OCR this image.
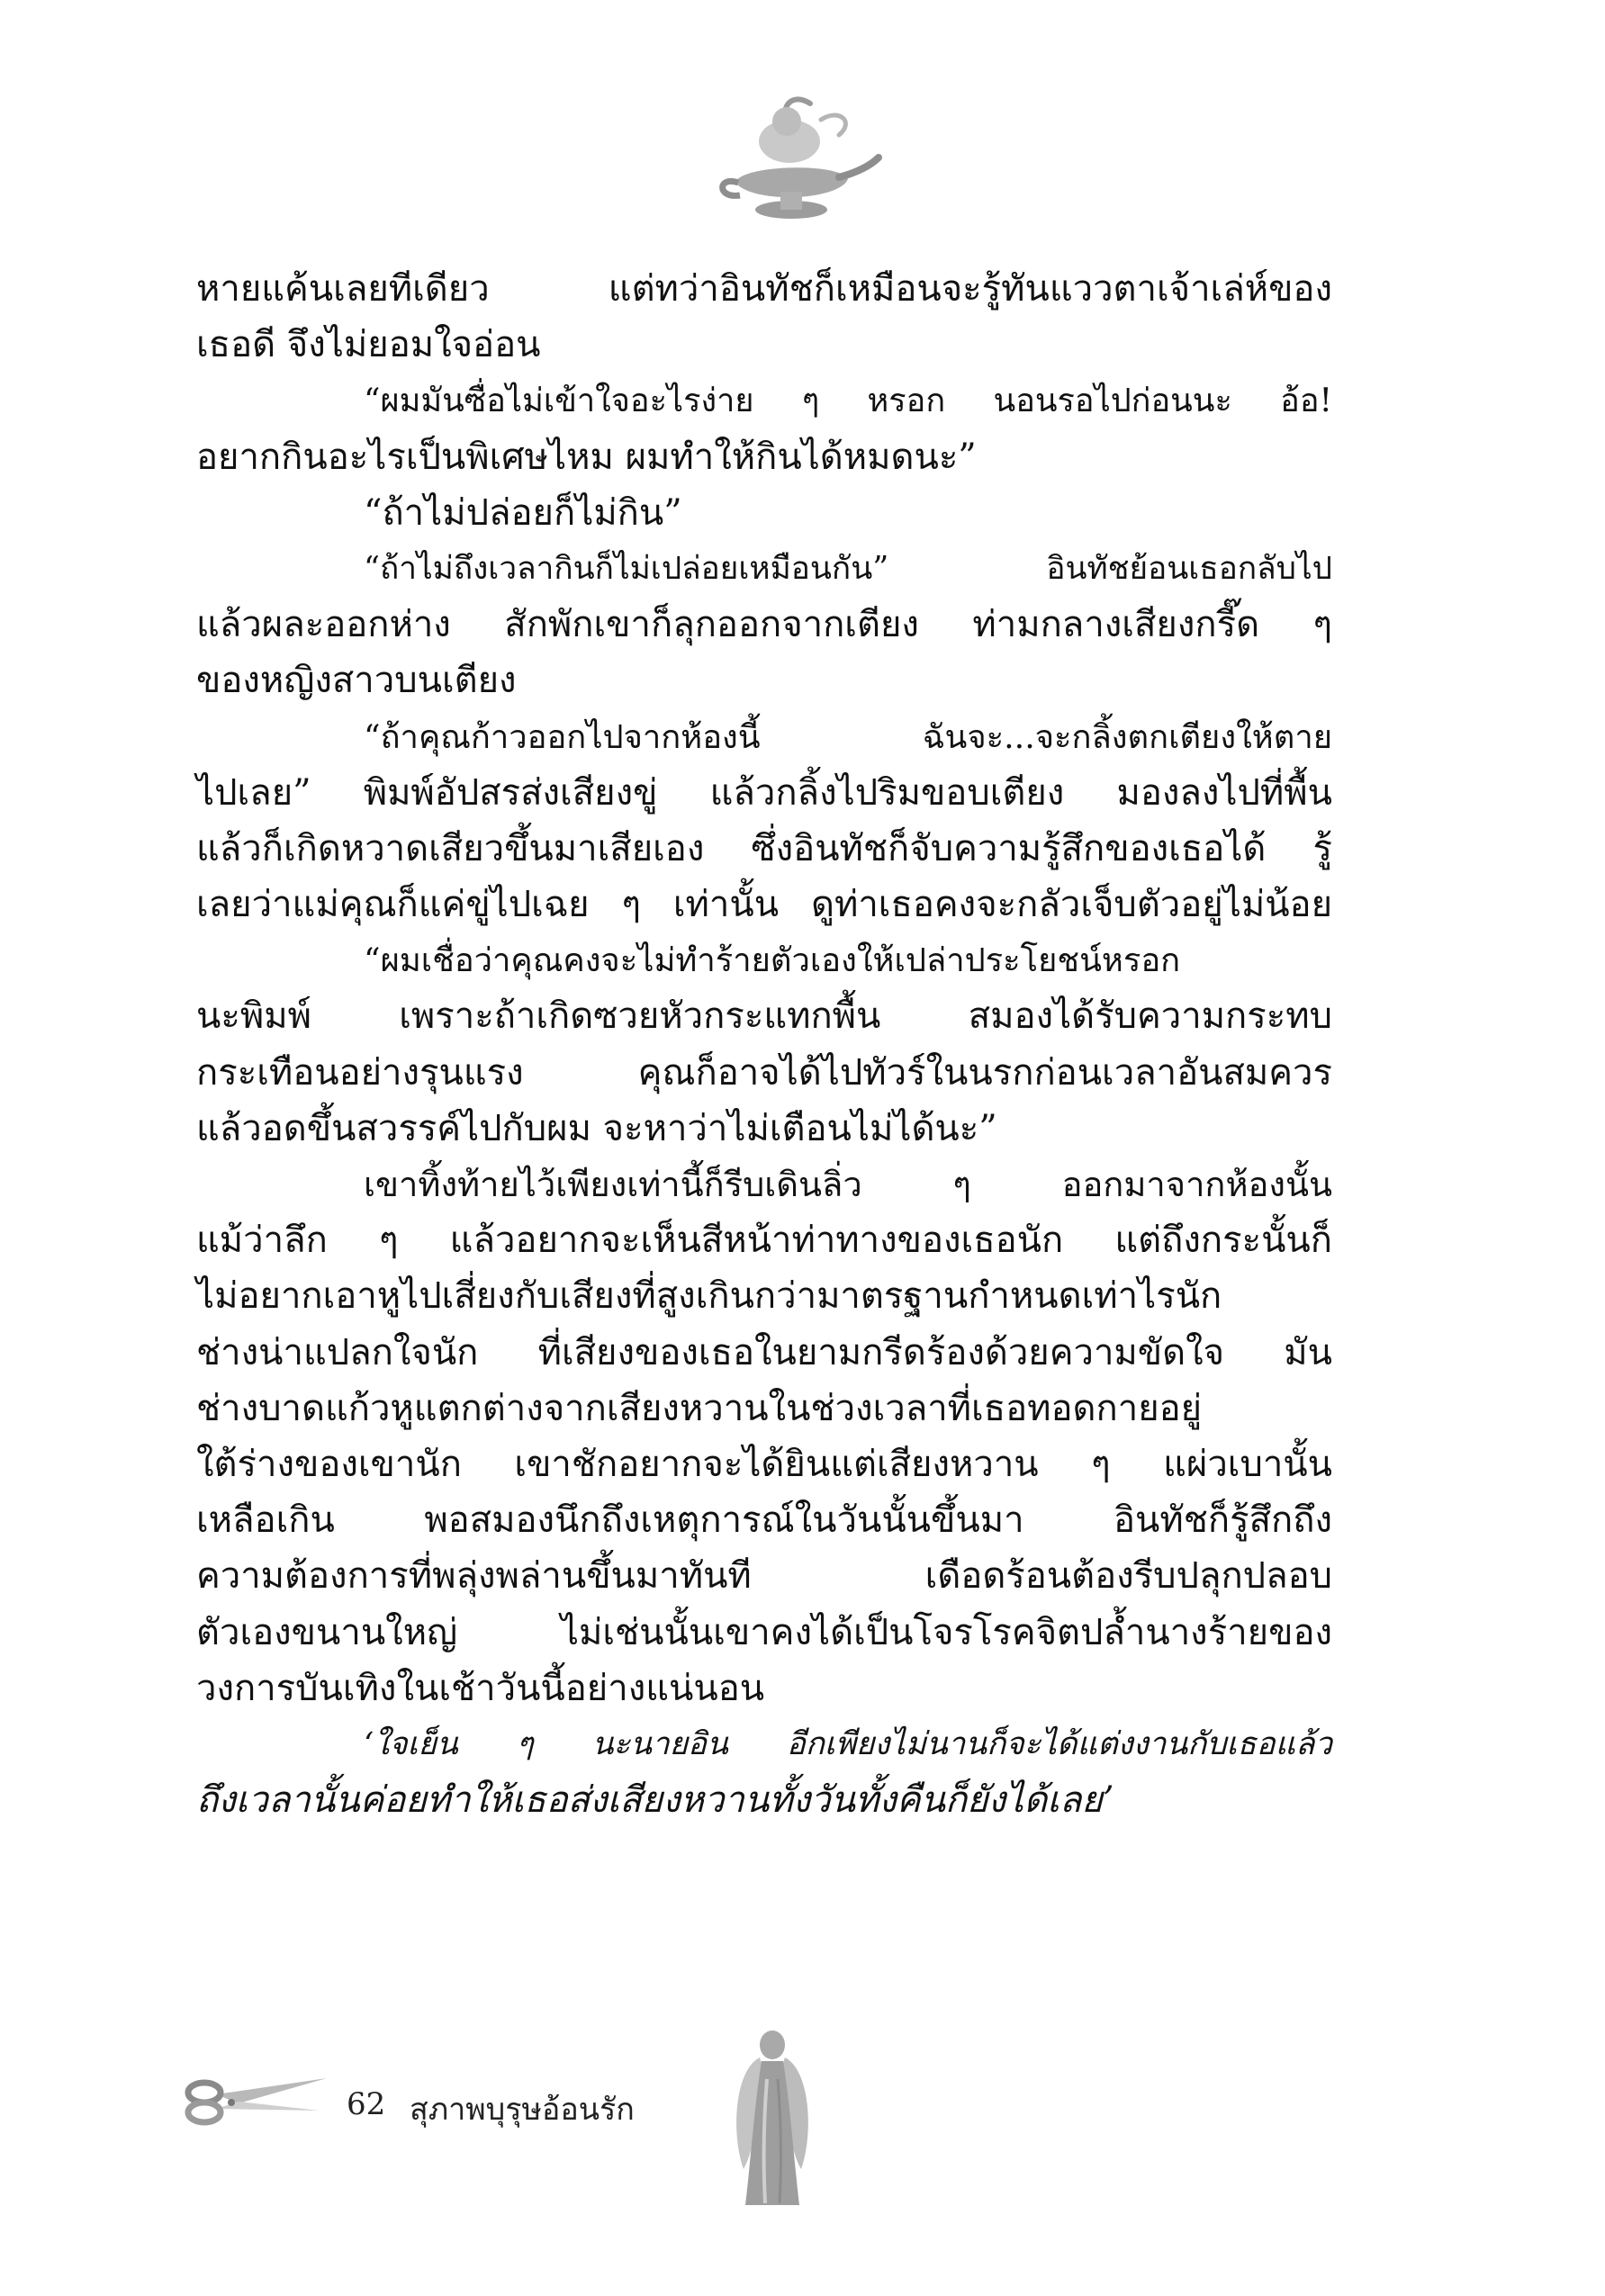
หายแค้นเลยทีเดียว แต่ทว่าอินทัชก็เหมือนจะรู้ทันแววตาเจ้าเล่ห์ของ
เธอดี จึงไม่ยอมใจอ่อน
“ผมมันซื่อไม่เข้าใจอะไรง่าย ๆ หรอก นอนรอไปก่อนนะ อ้อ!
อยากกินอะไรเป็นพิเศษไหม ผมทำให้กินได้หมดนะ”
“ถ้าไม่ปล่อยก็ไม่กิน”
“ถ้าไม่ถึงเวลากินก็ไม่เปล่อยเหมือนกัน” อินทัชย้อนเธอกลับไป
แล้วผละออกห่าง สักพักเขาก็ลุกออกจากเตียง ท่ามกลางเสียงกรี๊ด ๆ
ของหญิงสาวบนเตียง
“ถ้าคุณก้าวออกไปจากห้องนี้ ฉันจะ...จะกลิ้งตกเตียงให้ตาย
ไปเลย” พิมพ์อัปสรส่งเสียงขู่ แล้วกลิ้งไปริมขอบเตียง มองลงไปที่พื้น
แล้วก็เกิดหวาดเสียวขึ้นมาเสียเอง ซึ่งอินทัชก็จับความรู้สึกของเธอได้ รู้
เลยว่าแม่คุณก็แค่ขู่ไปเฉย ๆ เท่านั้น ดูท่าเธอคงจะกลัวเจ็บตัวอยู่ไม่น้อย
“ผมเชื่อว่าคุณคงจะไม่ทำร้ายตัวเองให้เปล่าประโยชน์หรอก
นะพิมพ์ เพราะถ้าเกิดซวยหัวกระแทกพื้น สมองได้รับความกระทบ
กระเทือนอย่างรุนแรง คุณก็อาจได้ไปทัวร์ในนรกก่อนเวลาอันสมควร
แล้วอดขึ้นสวรรค์ไปกับผม จะหาว่าไม่เตือนไม่ได้นะ”
เขาทิ้งท้ายไว้เพียงเท่านี้ก็รีบเดินลิ่ว ๆ ออกมาจากห้องนั้น
แม้ว่าลึก ๆ แล้วอยากจะเห็นสีหน้าท่าทางของเธอนัก แต่ถึงกระนั้นก็
ไม่อยากเอาหูไปเสี่ยงกับเสียงที่สูงเกินกว่ามาตรฐานกำหนดเท่าไรนัก
ช่างน่าแปลกใจนัก ที่เสียงของเธอในยามกรีดร้องด้วยความขัดใจ มัน
ช่างบาดแก้วหูแตกต่างจากเสียงหวานในช่วงเวลาที่เธอทอดกายอยู่
ใต้ร่างของเขานัก เขาชักอยากจะได้ยินแต่เสียงหวาน ๆ แผ่วเบานั้น
เหลือเกิน พอสมองนึกถึงเหตุการณ์ในวันนั้นขึ้นมา อินทัชก็รู้สึกถึง
ความต้องการที่พลุ่งพล่านขึ้นมาทันที เดือดร้อนต้องรีบปลุกปลอบ
ตัวเองขนานใหญ่ ไม่เช่นนั้นเขาคงได้เป็นโจรโรคจิตปล้ำนางร้ายของ
วงการบันเทิงในเช้าวันนี้อย่างแน่นอน
‘ใจเย็น ๆ นะนายอิน อีกเพียงไม่นานก็จะได้แต่งงานกับเธอแล้ว
ถึงเวลานั้นค่อยทำให้เธอส่งเสียงหวานทั้งวันทั้งคืนก็ยังได้เลย’
62 สุภาพบุรุษอ้อนรัก
